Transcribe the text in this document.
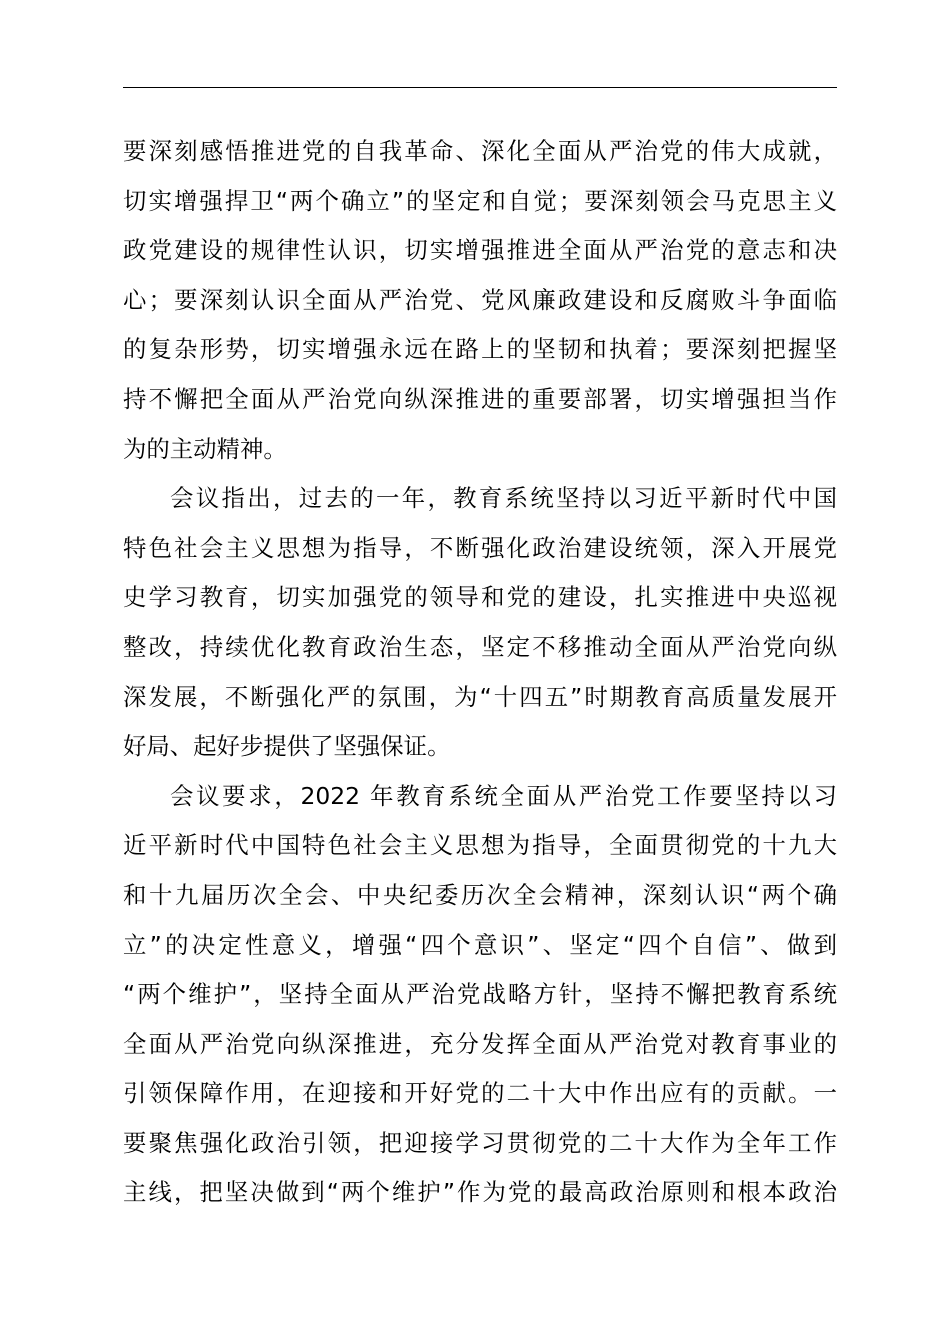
要深刻感悟推进党的自我革命、深化全面从严治党的伟大成就，
切实增强捍卫“两个确立”的坚定和自觉；要深刻领会马克思主义
政党建设的规律性认识，切实增强推进全面从严治党的意志和决
心；要深刻认识全面从严治党、党风廉政建设和反腐败斗争面临
的复杂形势，切实增强永远在路上的坚韧和执着；要深刻把握坚
持不懈把全面从严治党向纵深推进的重要部署，切实增强担当作
为的主动精神。
会议指出，过去的一年，教育系统坚持以习近平新时代中国
特色社会主义思想为指导，不断强化政治建设统领，深入开展党
史学习教育，切实加强党的领导和党的建设，扎实推进中央巡视
整改，持续优化教育政治生态，坚定不移推动全面从严治党向纵
深发展，不断强化严的氛围，为“十四五”时期教育高质量发展开
好局、起好步提供了坚强保证。
会议要求，2022 年教育系统全面从严治党工作要坚持以习
近平新时代中国特色社会主义思想为指导，全面贯彻党的十九大
和十九届历次全会、中央纪委历次全会精神，深刻认识“两个确
立”的决定性意义，增强“四个意识”、坚定“四个自信”、做到
“两个维护”，坚持全面从严治党战略方针，坚持不懈把教育系统
全面从严治党向纵深推进，充分发挥全面从严治党对教育事业的
引领保障作用，在迎接和开好党的二十大中作出应有的贡献。一
要聚焦强化政治引领，把迎接学习贯彻党的二十大作为全年工作
主线，把坚决做到“两个维护”作为党的最高政治原则和根本政治
